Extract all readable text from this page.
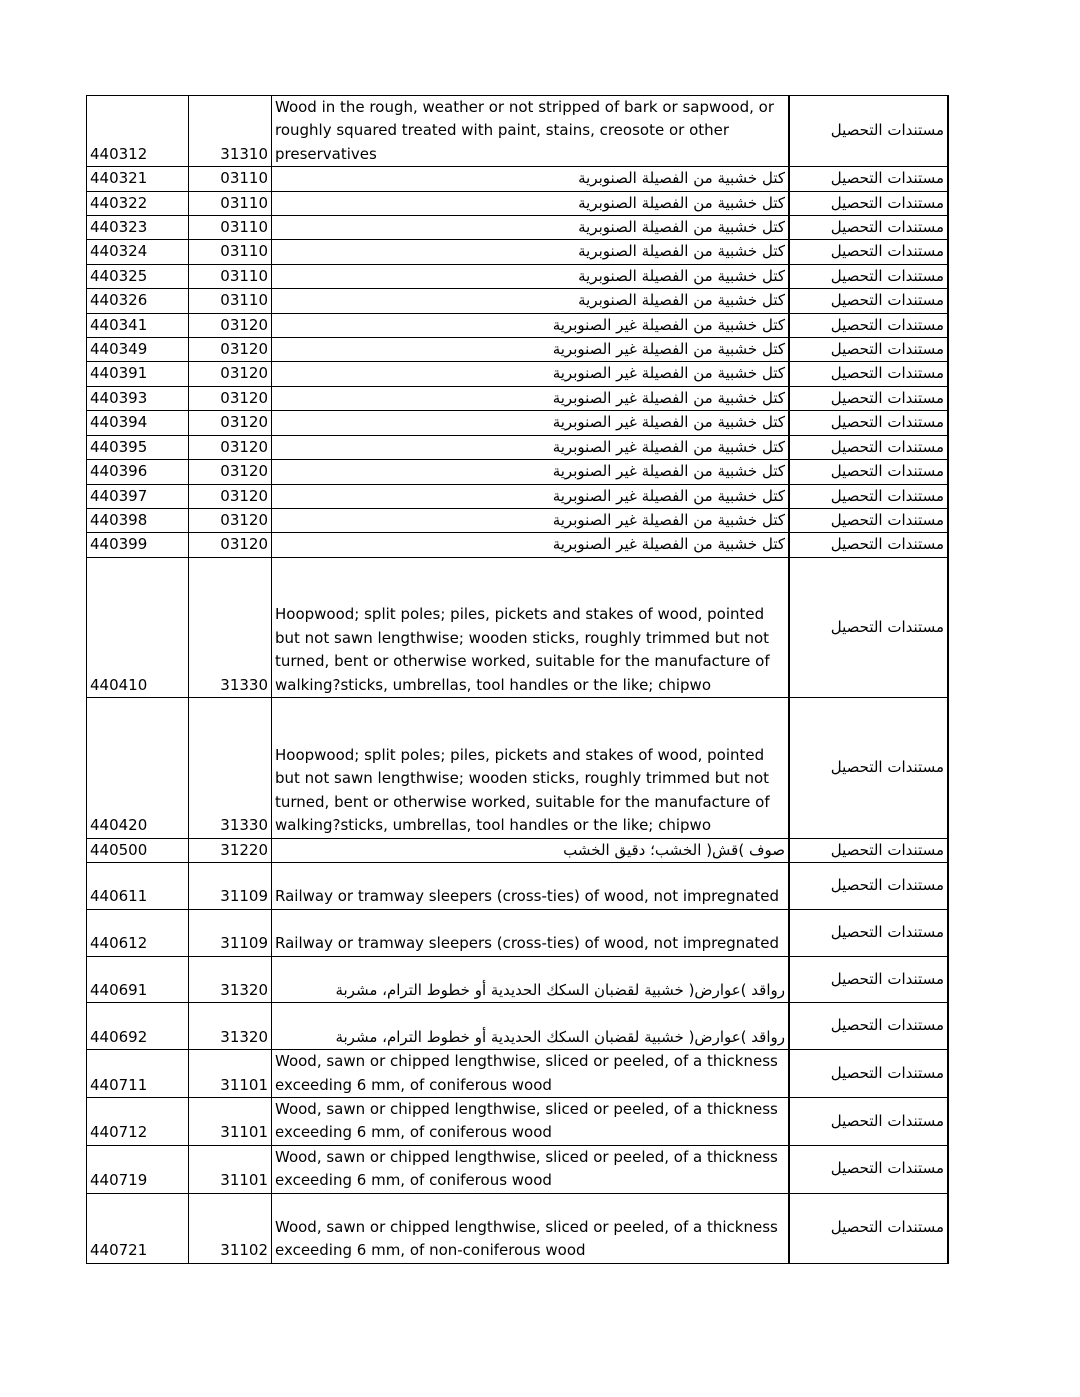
440312	31310	Wood in the rough, weather or not stripped of bark or sapwood, or roughly squared treated with paint, stains, creosote or other preservatives	مستندات التحصيل
440321	03110	كتل خشبية من الفصيلة الصنوبرية	مستندات التحصيل
440322	03110	كتل خشبية من الفصيلة الصنوبرية	مستندات التحصيل
440323	03110	كتل خشبية من الفصيلة الصنوبرية	مستندات التحصيل
440324	03110	كتل خشبية من الفصيلة الصنوبرية	مستندات التحصيل
440325	03110	كتل خشبية من الفصيلة الصنوبرية	مستندات التحصيل
440326	03110	كتل خشبية من الفصيلة الصنوبرية	مستندات التحصيل
440341	03120	كتل خشبية من الفصيلة غير الصنوبرية	مستندات التحصيل
440349	03120	كتل خشبية من الفصيلة غير الصنوبرية	مستندات التحصيل
440391	03120	كتل خشبية من الفصيلة غير الصنوبرية	مستندات التحصيل
440393	03120	كتل خشبية من الفصيلة غير الصنوبرية	مستندات التحصيل
440394	03120	كتل خشبية من الفصيلة غير الصنوبرية	مستندات التحصيل
440395	03120	كتل خشبية من الفصيلة غير الصنوبرية	مستندات التحصيل
440396	03120	كتل خشبية من الفصيلة غير الصنوبرية	مستندات التحصيل
440397	03120	كتل خشبية من الفصيلة غير الصنوبرية	مستندات التحصيل
440398	03120	كتل خشبية من الفصيلة غير الصنوبرية	مستندات التحصيل
440399	03120	كتل خشبية من الفصيلة غير الصنوبرية	مستندات التحصيل
440410	31330	Hoopwood; split poles; piles, pickets and stakes of wood, pointed but not sawn lengthwise; wooden sticks, roughly trimmed but not turned, bent or otherwise worked, suitable for the manufacture of walking?sticks, umbrellas, tool handles or the like; chipwo	مستندات التحصيل
440420	31330	Hoopwood; split poles; piles, pickets and stakes of wood, pointed but not sawn lengthwise; wooden sticks, roughly trimmed but not turned, bent or otherwise worked, suitable for the manufacture of walking?sticks, umbrellas, tool handles or the like; chipwo	مستندات التحصيل
440500	31220	صوف )قش( الخشب؛ دقيق الخشب	مستندات التحصيل
440611	31109	Railway or tramway sleepers (cross-ties) of wood, not impregnated	مستندات التحصيل
440612	31109	Railway or tramway sleepers (cross-ties) of wood, not impregnated	مستندات التحصيل
440691	31320	رواقد )عوارض( خشبية لقضبان السكك الحديدية أو خطوط الترام، مشربة	مستندات التحصيل
440692	31320	رواقد )عوارض( خشبية لقضبان السكك الحديدية أو خطوط الترام، مشربة	مستندات التحصيل
440711	31101	Wood, sawn or chipped lengthwise, sliced or peeled, of a thickness exceeding 6 mm, of coniferous wood	مستندات التحصيل
440712	31101	Wood, sawn or chipped lengthwise, sliced or peeled, of a thickness exceeding 6 mm, of coniferous wood	مستندات التحصيل
440719	31101	Wood, sawn or chipped lengthwise, sliced or peeled, of a thickness exceeding 6 mm, of coniferous wood	مستندات التحصيل
440721	31102	Wood, sawn or chipped lengthwise, sliced or peeled, of a thickness exceeding 6 mm, of non-coniferous wood	مستندات التحصيل
